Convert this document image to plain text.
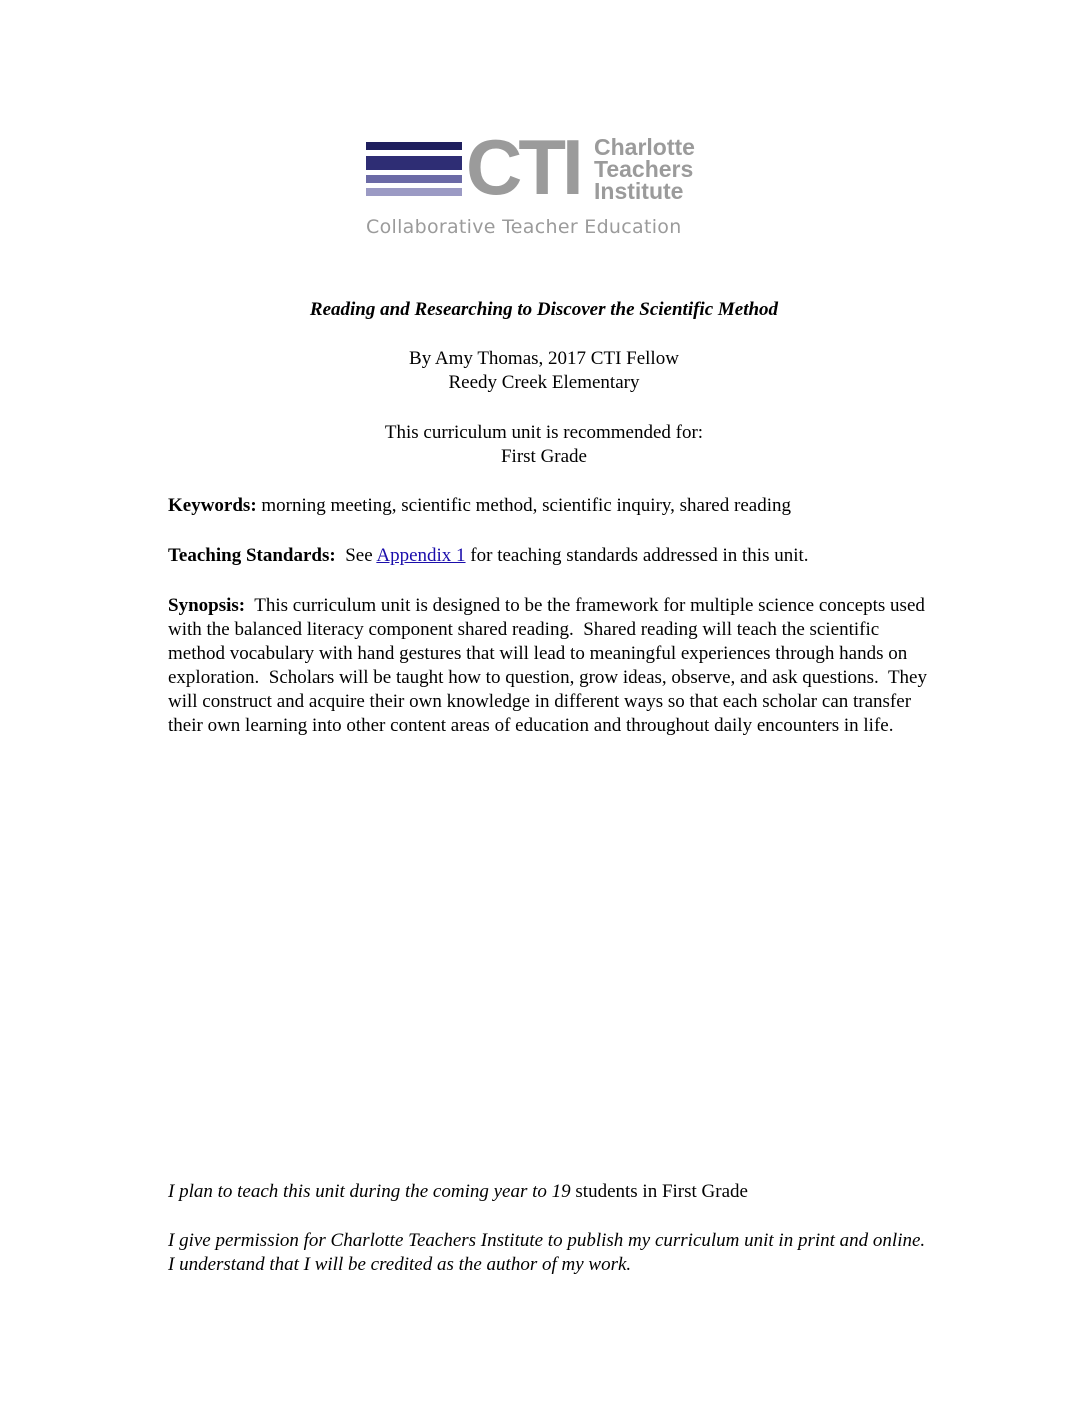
CTI Charlotte
Teachers
Institute
Collaborative Teacher Education
Reading and Researching to Discover the Scientific Method
By Amy Thomas, 2017 CTI Fellow
Reedy Creek Elementary
This curriculum unit is recommended for:
First Grade
Keywords: morning meeting, scientific method, scientific inquiry, shared reading
Teaching Standards:  See Appendix 1 for teaching standards addressed in this unit.
Synopsis:  This curriculum unit is designed to be the framework for multiple science concepts used with the balanced literacy component shared reading.  Shared reading will teach the scientific method vocabulary with hand gestures that will lead to meaningful experiences through hands on exploration.  Scholars will be taught how to question, grow ideas, observe, and ask questions.  They will construct and acquire their own knowledge in different ways so that each scholar can transfer their own learning into other content areas of education and throughout daily encounters in life.
I plan to teach this unit during the coming year to 19 students in First Grade
I give permission for Charlotte Teachers Institute to publish my curriculum unit in print and online. I understand that I will be credited as the author of my work.
